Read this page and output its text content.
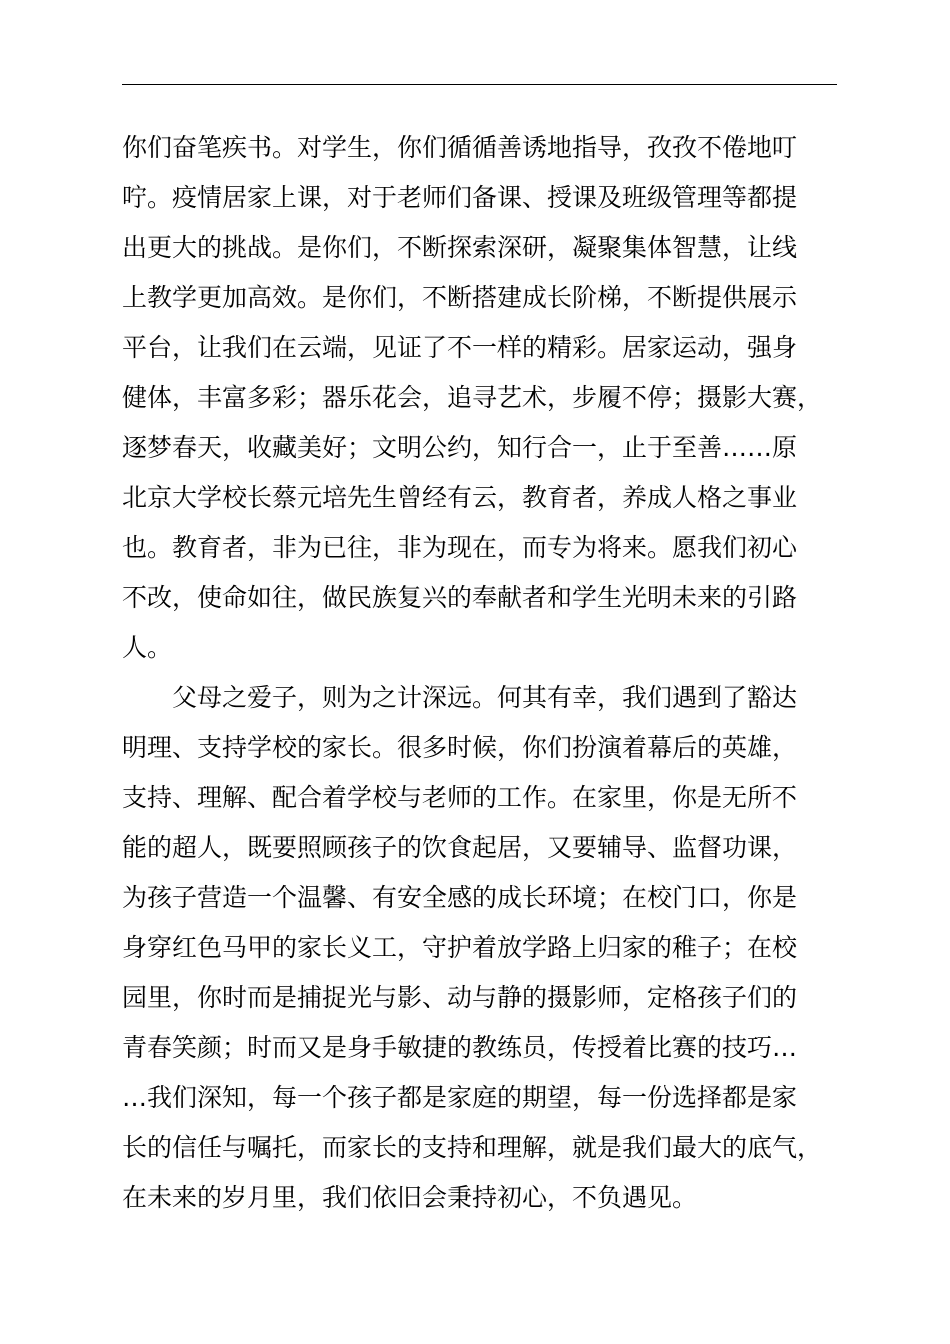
你们奋笔疾书。对学生，你们循循善诱地指导，孜孜不倦地叮

咛。疫情居家上课，对于老师们备课、授课及班级管理等都提

出更大的挑战。是你们，不断探索深研，凝聚集体智慧，让线

上教学更加高效。是你们，不断搭建成长阶梯，不断提供展示

平台，让我们在云端，见证了不一样的精彩。居家运动，强身

健体，丰富多彩；器乐花会，追寻艺术，步履不停；摄影大赛，

逐梦春天，收藏美好；文明公约，知行合一，止于至善……原

北京大学校长蔡元培先生曾经有云，教育者，养成人格之事业

也。教育者，非为已往，非为现在，而专为将来。愿我们初心

不改，使命如往，做民族复兴的奉献者和学生光明未来的引路

人。

父母之爱子，则为之计深远。何其有幸，我们遇到了豁达

明理、支持学校的家长。很多时候，你们扮演着幕后的英雄，

支持、理解、配合着学校与老师的工作。在家里，你是无所不

能的超人，既要照顾孩子的饮食起居，又要辅导、监督功课，

为孩子营造一个温馨、有安全感的成长环境；在校门口，你是

身穿红色马甲的家长义工，守护着放学路上归家的稚子；在校

园里，你时而是捕捉光与影、动与静的摄影师，定格孩子们的

青春笑颜；时而又是身手敏捷的教练员，传授着比赛的技巧…

…我们深知，每一个孩子都是家庭的期望，每一份选择都是家

长的信任与嘱托，而家长的支持和理解，就是我们最大的底气，

在未来的岁月里，我们依旧会秉持初心，不负遇见。
